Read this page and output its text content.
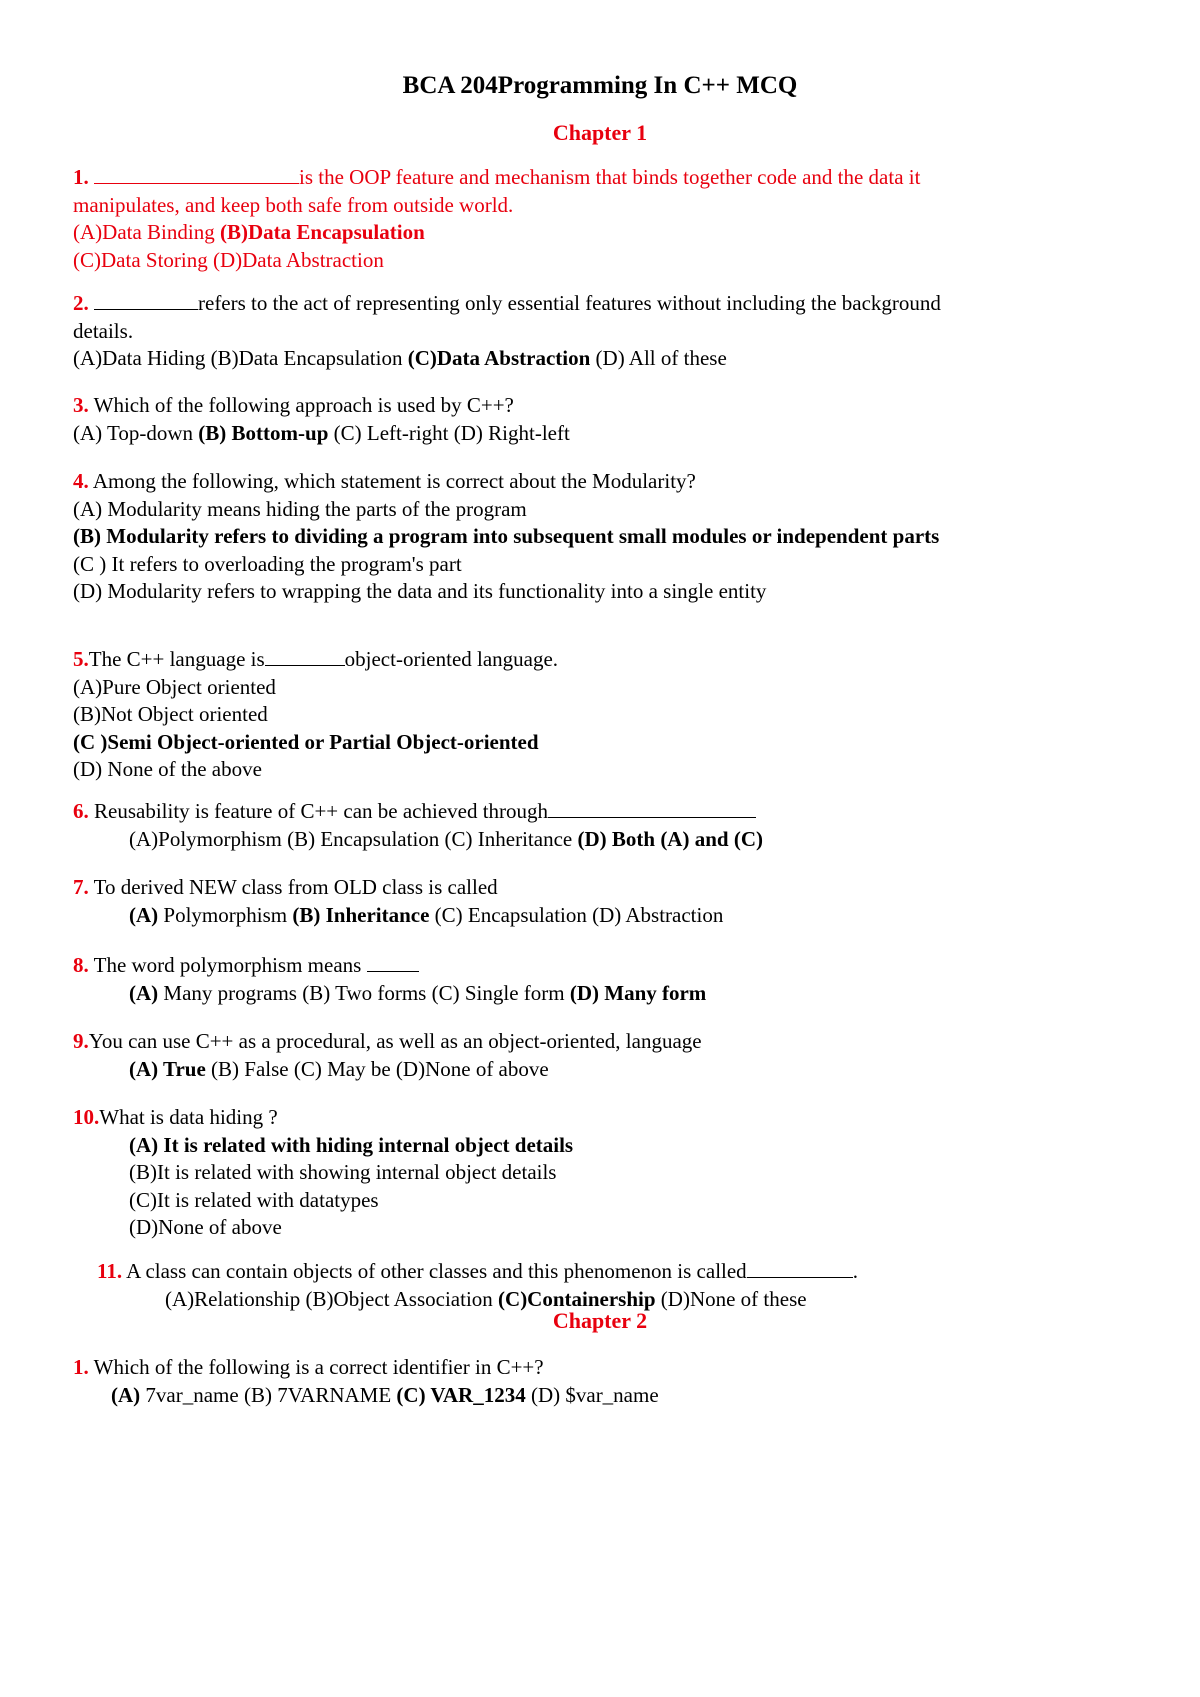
BCA 204Programming In C++ MCQ
Chapter 1
1.	is the OOP feature and mechanism that binds together code and the data it
manipulates, and keep both safe from outside world.
(A)Data Binding (B)Data Encapsulation
(C)Data Storing (D)Data Abstraction
2.	refers to the act of representing only essential features without including the background
details.
(A)Data Hiding (B)Data Encapsulation (C)Data Abstraction (D) All of these
3. Which of the following approach is used by C++?
(A) Top-down (B) Bottom-up (C) Left-right (D) Right-left
4. Among the following, which statement is correct about the Modularity?
(A) Modularity means hiding the parts of the program
(B) Modularity refers to dividing a program into subsequent small modules or independent parts
(C ) It refers to overloading the program's part
(D) Modularity refers to wrapping the data and its functionality into a single entity
5.The C++ language is	object-oriented language.
(A)Pure Object oriented
(B)Not Object oriented
(C )Semi Object-oriented or Partial Object-oriented
(D) None of the above
6. Reusability is feature of C++ can be achieved through
(A)Polymorphism (B) Encapsulation (C) Inheritance (D) Both (A) and (C)
7. To derived NEW class from OLD class is called
(A) Polymorphism (B) Inheritance (C) Encapsulation (D) Abstraction
8. The word polymorphism means
(A) Many programs (B) Two forms (C) Single form (D) Many form
9.You can use C++ as a procedural, as well as an object-oriented, language
(A) True (B) False (C) May be (D)None of above
10.What is data hiding ?
(A) It is related with hiding internal object details
(B)It is related with showing internal object details
(C)It is related with datatypes
(D)None of above
11. A class can contain objects of other classes and this phenomenon is called	.
(A)Relationship (B)Object Association (C)Containership (D)None of these
Chapter 2
1. Which of the following is a correct identifier in C++?
(A) 7var_name (B) 7VARNAME (C) VAR_1234 (D) $var_name
